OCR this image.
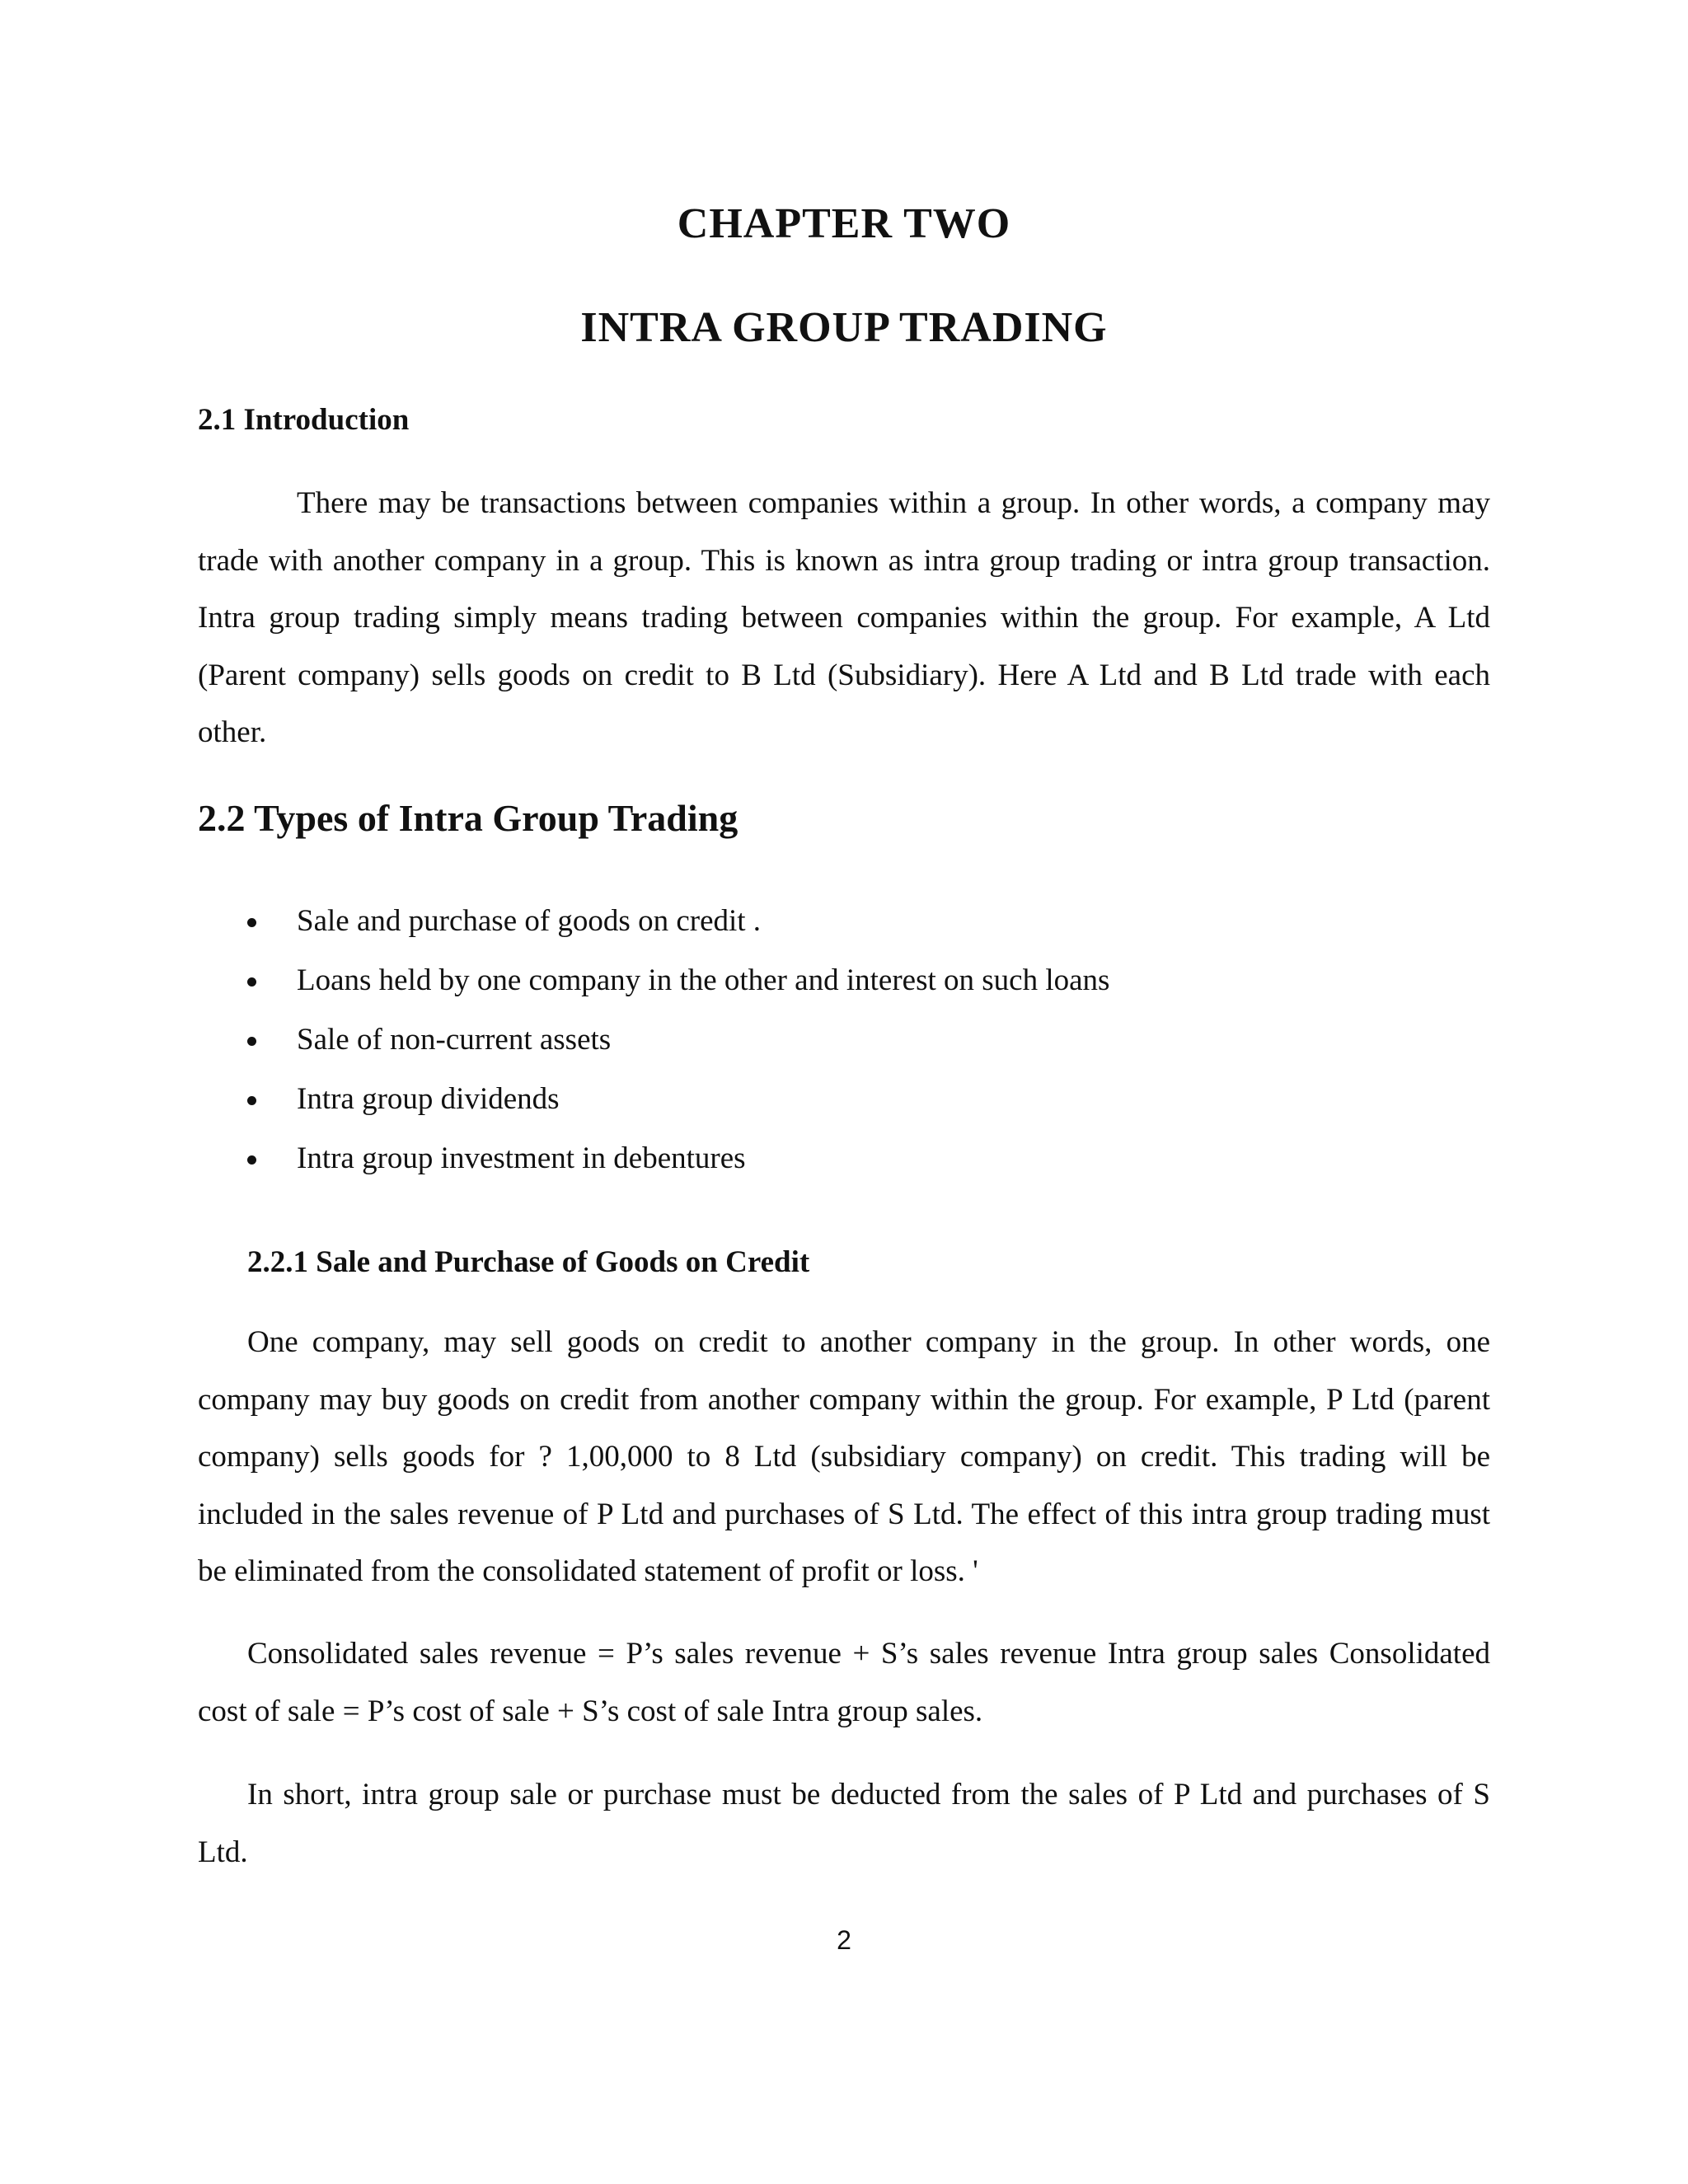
CHAPTER TWO
INTRA GROUP TRADING
2.1 Introduction

There may be transactions between companies within a group. In other words, a company may trade with another company in a group. This is known as intra group trading or intra group transaction. Intra group trading simply means trading between companies within the group. For example, A Ltd (Parent company) sells goods on credit to B Ltd (Subsidiary). Here A Ltd and B Ltd trade with each other.

2.2 Types of Intra Group Trading
Sale and purchase of goods on credit .
Loans held by one company in the other and interest on such loans
Sale of non-current assets
Intra group dividends
Intra group investment in debentures
2.2.1 Sale and Purchase of Goods on Credit

One company, may sell goods on credit to another company in the group. In other words, one company may buy goods on credit from another company within the group. For example, P Ltd (parent company) sells goods for ? 1,00,000 to 8 Ltd (subsidiary company) on credit. This trading will be included in the sales revenue of P Ltd and purchases of S Ltd. The effect of this intra group trading must be eliminated from the consolidated statement of profit or loss. '

Consolidated sales revenue = P’s sales revenue + S’s sales revenue Intra group sales Consolidated cost of sale = P’s cost of sale + S’s cost of sale Intra group sales.

In short, intra group sale or purchase must be deducted from the sales of P Ltd and purchases of S Ltd.

2
